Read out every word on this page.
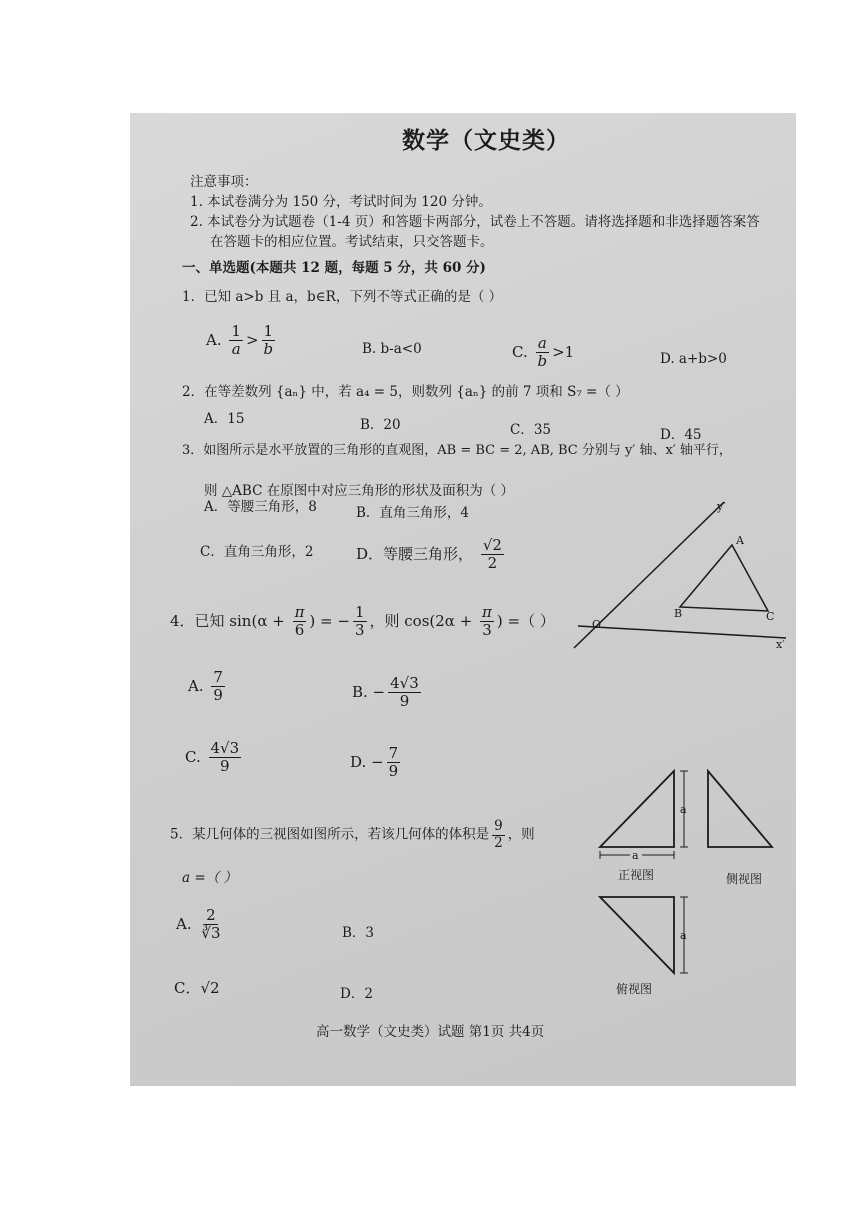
数学（文史类）
注意事项：
1. 本试卷满分为 150 分，考试时间为 120 分钟。
2. 本试卷分为试题卷（1-4 页）和答题卡两部分，试卷上不答题。请将选择题和非选择题答案答
在答题卡的相应位置。考试结束，只交答题卡。
一、单选题(本题共 12 题，每题 5 分，共 60 分)
1．已知 a>b 且 a，b∈R，下列不等式正确的是（ ）
A. $\frac{1}{a} > \frac{1}{b}$	B. b-a<0	C. $\frac{a}{b} >1$	D. a+b>0
2．在等差数列 {aₙ} 中，若 a₄ = 5，则数列 {aₙ} 的前 7 项和 S₇ =（ ）
A．15	B．20	C．35	D．45
3．如图所示是水平放置的三角形的直观图，AB = BC = 2, AB, BC 分别与 y′ 轴、x′ 轴平行，
则 △ABC 在原图中对应三角形的形状及面积为（ ）
A．等腰三角形，8	B．直角三角形，4
C．直角三角形，2	D．等腰三角形， $\frac{√2}{2}$
y′
x′
O′
A
B	C
4．已知 $\sin(\alpha + \frac{\pi}{6}$ ) = − $\frac{1}{3}$ ，则 $\cos(2\alpha + \frac{\pi}{3}$ ) =（ ）
A. $\frac{7}{9}$	B. − $\frac{4√3}{9}$
C. $\frac{4√3}{9}$	D. − $\frac{7}{9}$
5．某几何体的三视图如图所示，若该几何体的体积是 $\frac{9}{2}$ ，则
a =（ ）
A. $\frac{2}{∛3}$	B．3
C．√2	D．2
a
a
正视图	侧视图
a
俯视图
高一数学（文史类）试题 第1页 共4页
